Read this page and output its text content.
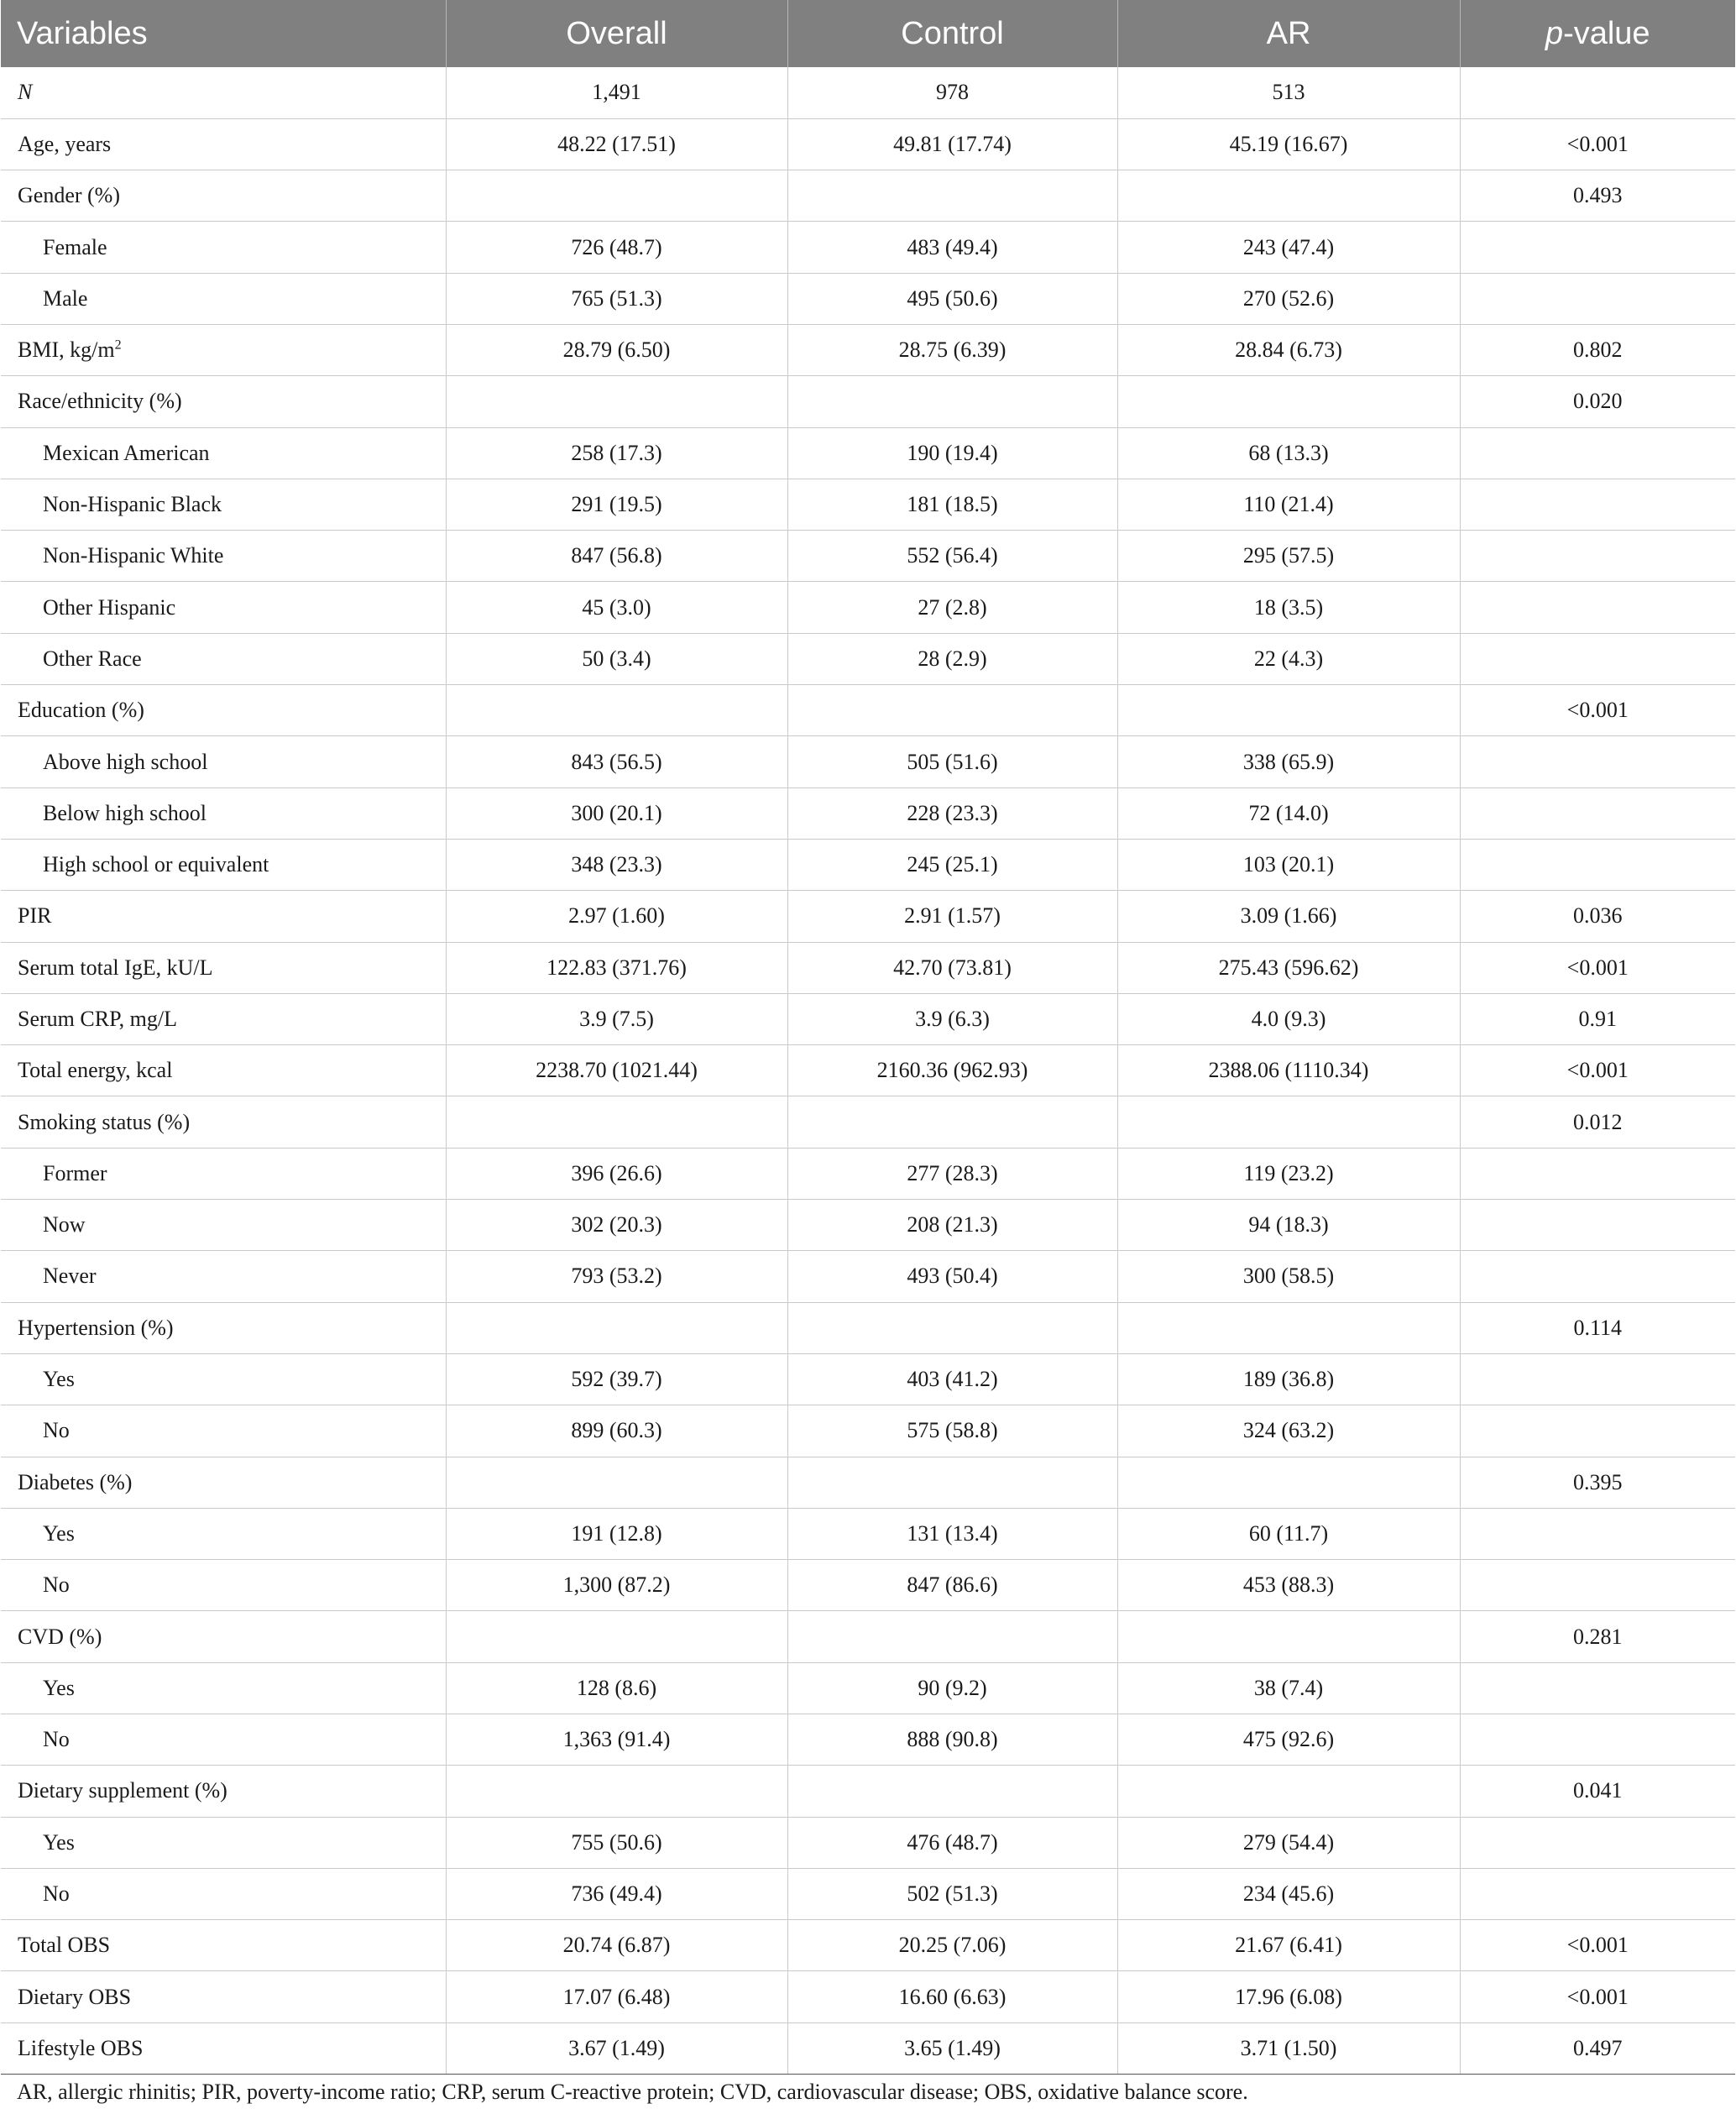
Variables	Overall	Control	AR	p-value
N	1,491	978	513	
Age, years	48.22 (17.51)	49.81 (17.74)	45.19 (16.67)	<0.001
Gender (%)				0.493
Female	726 (48.7)	483 (49.4)	243 (47.4)	
Male	765 (51.3)	495 (50.6)	270 (52.6)	
BMI, $kg/m^2$	28.79 (6.50)	28.75 (6.39)	28.84 (6.73)	0.802
Race/ethnicity (%)				0.020
Mexican American	258 (17.3)	190 (19.4)	68 (13.3)	
Non-Hispanic Black	291 (19.5)	181 (18.5)	110 (21.4)	
Non-Hispanic White	847 (56.8)	552 (56.4)	295 (57.5)	
Other Hispanic	45 (3.0)	27 (2.8)	18 (3.5)	
Other Race	50 (3.4)	28 (2.9)	22 (4.3)	
Education (%)				<0.001
Above high school	843 (56.5)	505 (51.6)	338 (65.9)	
Below high school	300 (20.1)	228 (23.3)	72 (14.0)	
High school or equivalent	348 (23.3)	245 (25.1)	103 (20.1)	
PIR	2.97 (1.60)	2.91 (1.57)	3.09 (1.66)	0.036
Serum total IgE, kU/L	122.83 (371.76)	42.70 (73.81)	275.43 (596.62)	<0.001
Serum CRP, mg/L	3.9 (7.5)	3.9 (6.3)	4.0 (9.3)	0.91
Total energy, kcal	2238.70 (1021.44)	2160.36 (962.93)	2388.06 (1110.34)	<0.001
Smoking status (%)				0.012
Former	396 (26.6)	277 (28.3)	119 (23.2)	
Now	302 (20.3)	208 (21.3)	94 (18.3)	
Never	793 (53.2)	493 (50.4)	300 (58.5)	
Hypertension (%)				0.114
Yes	592 (39.7)	403 (41.2)	189 (36.8)	
No	899 (60.3)	575 (58.8)	324 (63.2)	
Diabetes (%)				0.395
Yes	191 (12.8)	131 (13.4)	60 (11.7)	
No	1,300 (87.2)	847 (86.6)	453 (88.3)	
CVD (%)				0.281
Yes	128 (8.6)	90 (9.2)	38 (7.4)	
No	1,363 (91.4)	888 (90.8)	475 (92.6)	
Dietary supplement (%)				0.041
Yes	755 (50.6)	476 (48.7)	279 (54.4)	
No	736 (49.4)	502 (51.3)	234 (45.6)	
Total OBS	20.74 (6.87)	20.25 (7.06)	21.67 (6.41)	<0.001
Dietary OBS	17.07 (6.48)	16.60 (6.63)	17.96 (6.08)	<0.001
Lifestyle OBS	3.67 (1.49)	3.65 (1.49)	3.71 (1.50)	0.497
AR, allergic rhinitis; PIR, poverty-income ratio; CRP, serum C-reactive protein; CVD, cardiovascular disease; OBS, oxidative balance score.
